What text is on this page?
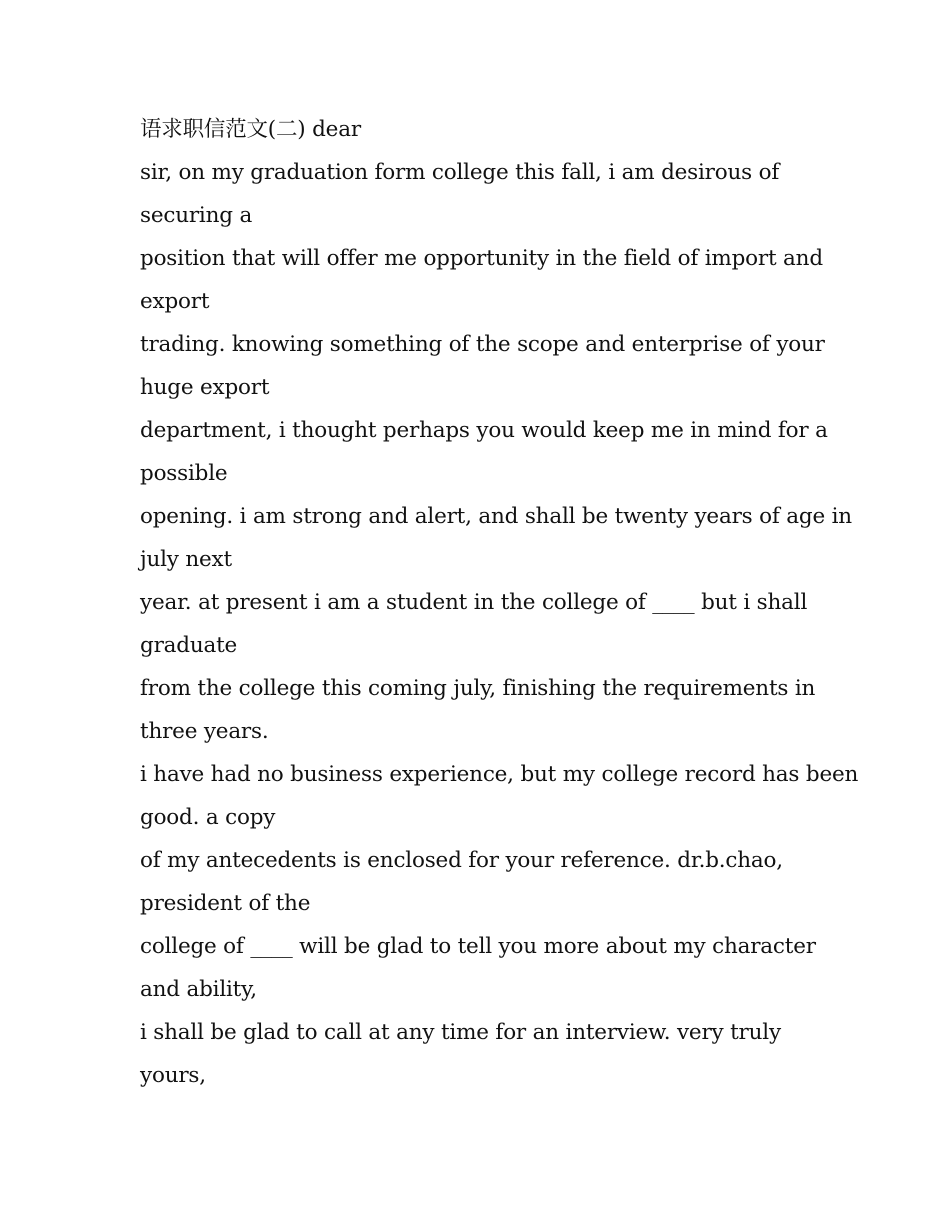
语求职信范文(二) dear
sir, on my graduation form college this fall, i am desirous of
securing a
position that will offer me opportunity in the field of import and
export
trading. knowing something of the scope and enterprise of your
huge export
department, i thought perhaps you would keep me in mind for a
possible
opening. i am strong and alert, and shall be twenty years of age in
july next
year. at present i am a student in the college of ____ but i shall
graduate
from the college this coming july, finishing the requirements in
three years.
i have had no business experience, but my college record has been
good. a copy
of my antecedents is enclosed for your reference. dr.b.chao,
president of the
college of ____ will be glad to tell you more about my character
and ability,
i shall be glad to call at any time for an interview. very truly
yours,
